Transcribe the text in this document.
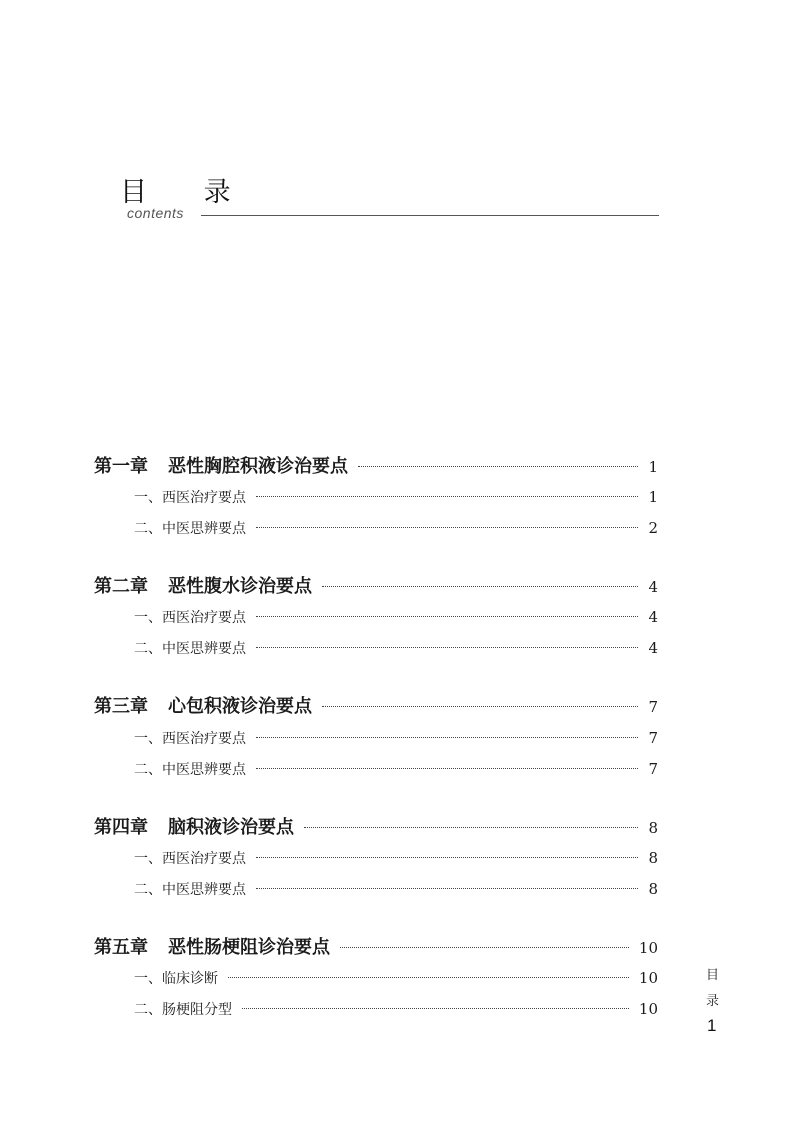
目 录
contents
第一章 恶性胸腔积液诊治要点	1
一、西医治疗要点	1
二、中医思辨要点	2
第二章 恶性腹水诊治要点	4
一、西医治疗要点	4
二、中医思辨要点	4
第三章 心包积液诊治要点	7
一、西医治疗要点	7
二、中医思辨要点	7
第四章 脑积液诊治要点	8
一、西医治疗要点	8
二、中医思辨要点	8
第五章 恶性肠梗阻诊治要点	10
一、临床诊断	10
二、肠梗阻分型	10
目
录
1
